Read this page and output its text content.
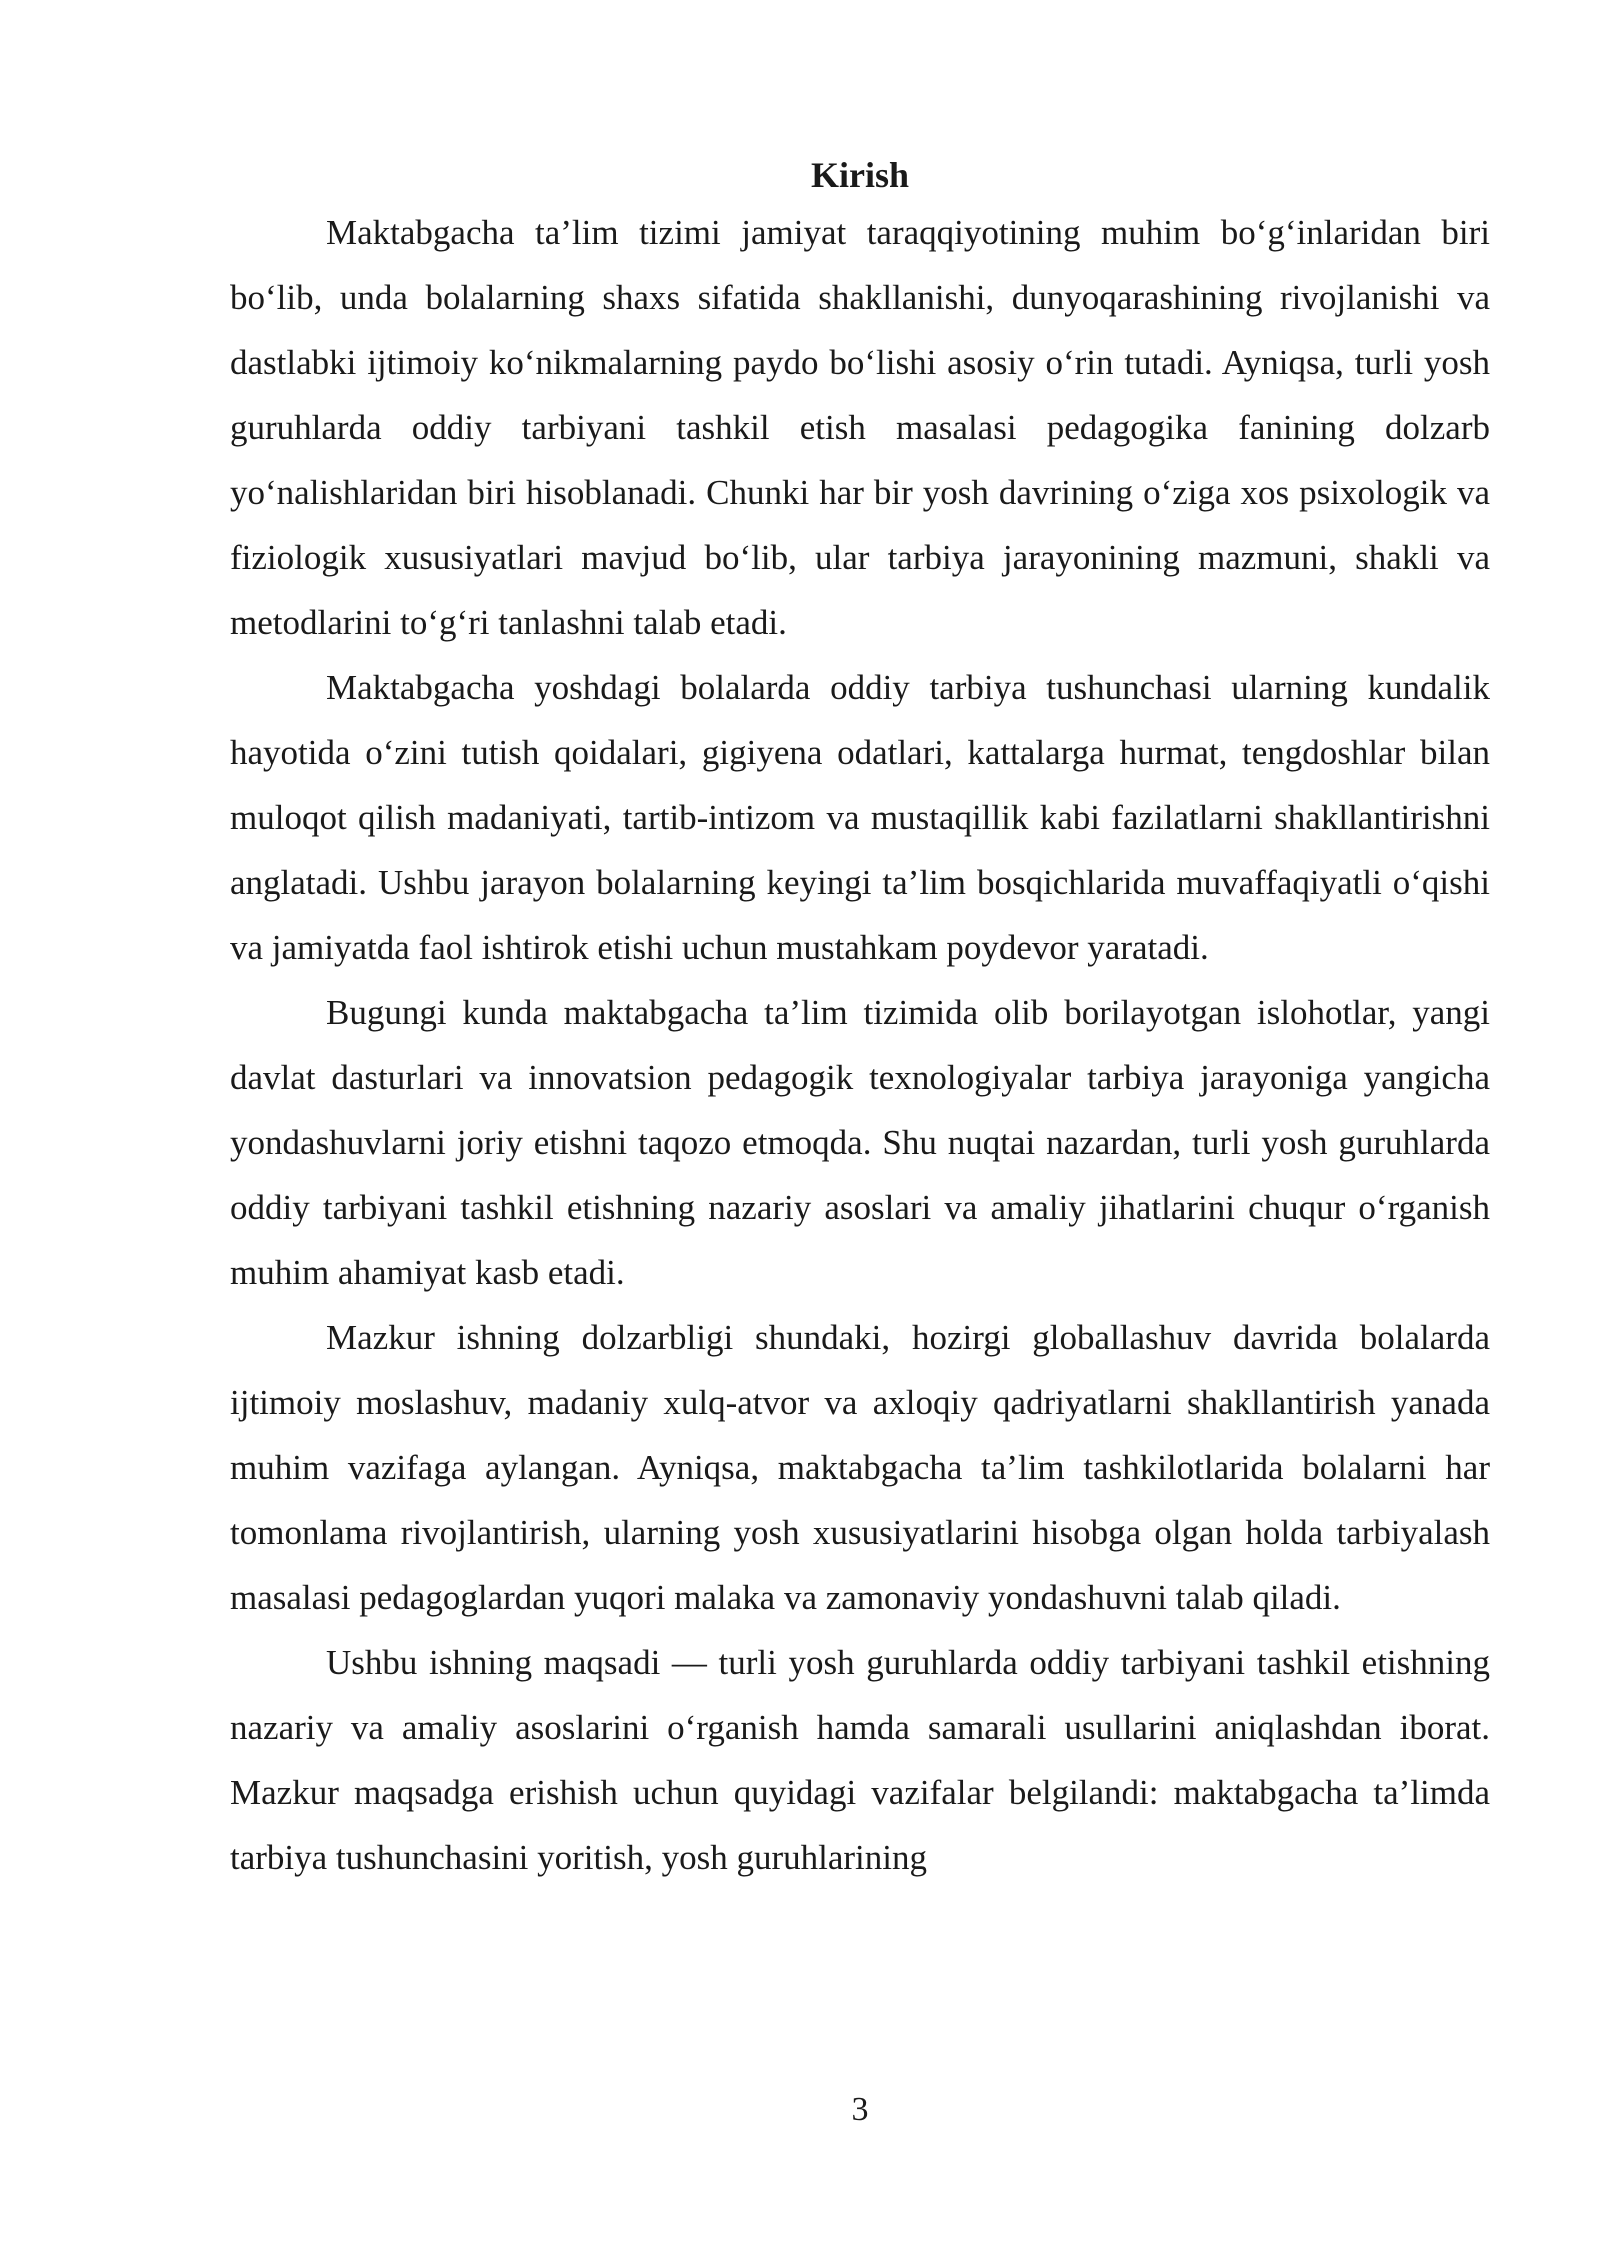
Kirish

Maktabgacha ta’lim tizimi jamiyat taraqqiyotining muhim bo‘g‘inlaridan biri bo‘lib, unda bolalarning shaxs sifatida shakllanishi, dunyoqarashining rivojlanishi va dastlabki ijtimoiy ko‘nikmalarning paydo bo‘lishi asosiy o‘rin tutadi. Ayniqsa, turli yosh guruhlarda oddiy tarbiyani tashkil etish masalasi pedagogika fanining dolzarb yo‘nalishlaridan biri hisoblanadi. Chunki har bir yosh davrining o‘ziga xos psixologik va fiziologik xususiyatlari mavjud bo‘lib, ular tarbiya jarayonining mazmuni, shakli va metodlarini to‘g‘ri tanlashni talab etadi.

Maktabgacha yoshdagi bolalarda oddiy tarbiya tushunchasi ularning kundalik hayotida o‘zini tutish qoidalari, gigiyena odatlari, kattalarga hurmat, tengdoshlar bilan muloqot qilish madaniyati, tartib-intizom va mustaqillik kabi fazilatlarni shakllantirishni anglatadi. Ushbu jarayon bolalarning keyingi ta’lim bosqichlarida muvaffaqiyatli o‘qishi va jamiyatda faol ishtirok etishi uchun mustahkam poydevor yaratadi.

Bugungi kunda maktabgacha ta’lim tizimida olib borilayotgan islohotlar, yangi davlat dasturlari va innovatsion pedagogik texnologiyalar tarbiya jarayoniga yangicha yondashuvlarni joriy etishni taqozo etmoqda. Shu nuqtai nazardan, turli yosh guruhlarda oddiy tarbiyani tashkil etishning nazariy asoslari va amaliy jihatlarini chuqur o‘rganish muhim ahamiyat kasb etadi.

Mazkur ishning dolzarbligi shundaki, hozirgi globallashuv davrida bolalarda ijtimoiy moslashuv, madaniy xulq-atvor va axloqiy qadriyatlarni shakllantirish yanada muhim vazifaga aylangan. Ayniqsa, maktabgacha ta’lim tashkilotlarida bolalarni har tomonlama rivojlantirish, ularning yosh xususiyatlarini hisobga olgan holda tarbiyalash masalasi pedagoglardan yuqori malaka va zamonaviy yondashuvni talab qiladi.

Ushbu ishning maqsadi — turli yosh guruhlarda oddiy tarbiyani tashkil etishning nazariy va amaliy asoslarini o‘rganish hamda samarali usullarini aniqlashdan iborat. Mazkur maqsadga erishish uchun quyidagi vazifalar belgilandi: maktabgacha ta’limda tarbiya tushunchasini yoritish, yosh guruhlarining

3
